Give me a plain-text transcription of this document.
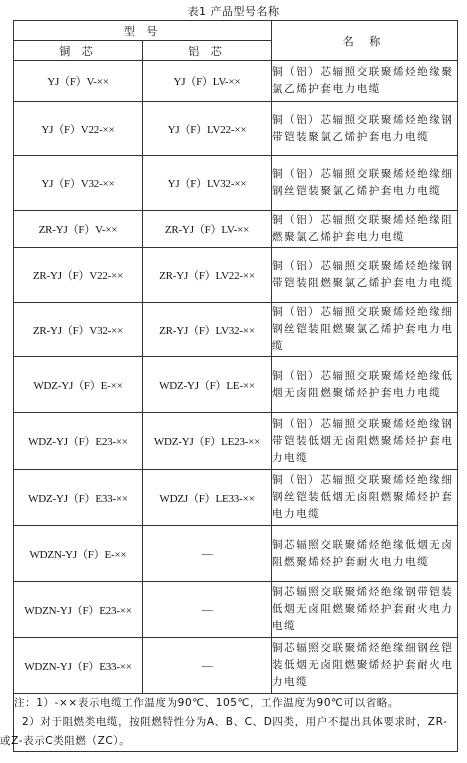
表1 产品型号名称
型 号		名 称
铜 芯	铝 芯	
YJ（F）V-××	YJ（F）LV-××	铜（铝）芯辐照交联聚烯烃绝缘聚氯乙烯护套电力电缆
YJ（F）V22-××	YJ（F）LV22-××	铜（铝）芯辐照交联聚烯烃绝缘钢带铠装聚氯乙烯护套电力电缆
YJ（F）V32-××	YJ（F）LV32-××	铜（铝）芯辐照交联聚烯烃绝缘细钢丝铠装聚氯乙烯护套电力电缆
ZR-YJ（F）V-××	ZR-YJ（F）LV-××	铜（铝）芯辐照交联聚烯烃绝缘阻燃聚氯乙烯护套电力电缆
ZR-YJ（F）V22-××	ZR-YJ（F）LV22-××	铜（铝）芯辐照交联聚烯烃绝缘钢带铠装阻燃聚氯乙烯护套电力电缆
ZR-YJ（F）V32-××	ZR-YJ（F）LV32-××	铜（铝）芯辐照交联聚烯烃绝缘细钢丝铠装阻燃聚氯乙烯护套电力电缆
WDZ-YJ（F）E-××	WDZ-YJ（F）LE-××	铜（铝）芯辐照交联聚烯烃绝缘低烟无卤阻燃聚烯烃护套电力电缆
WDZ-YJ（F）E23-××	WDZ-YJ（F）LE23-××	铜（铝）芯辐照交联聚烯烃绝缘钢带铠装低烟无卤阻燃聚烯烃护套电力电缆
WDZ-YJ（F）E33-××	WDZJ（F）LE33-××	铜（铝）芯辐照交联聚烯烃绝缘细钢丝铠装低烟无卤阻燃聚烯烃护套电力电缆
WDZN-YJ（F）E-××	—	铜芯辐照交联聚烯烃绝缘低烟无卤阻燃聚烯烃护套耐火电力电缆
WDZN-YJ（F）E23-××	—	铜芯辐照交联聚烯烃绝缘钢带铠装低烟无卤阻燃聚烯烃护套耐火电力电缆
WDZN-YJ（F）E33-××	—	铜芯辐照交联聚烯烃绝缘细钢丝铠装低烟无卤阻燃聚烯烃护套耐火电力电缆

注：1）-××表示电缆工作温度为90℃、105℃，工作温度为90℃可以省略。
2）对于阻燃类电缆，按阻燃特性分为A、B、C、D四类，用户不提出具体要求时，ZR-或Z-表示C类阻燃（ZC）。		
